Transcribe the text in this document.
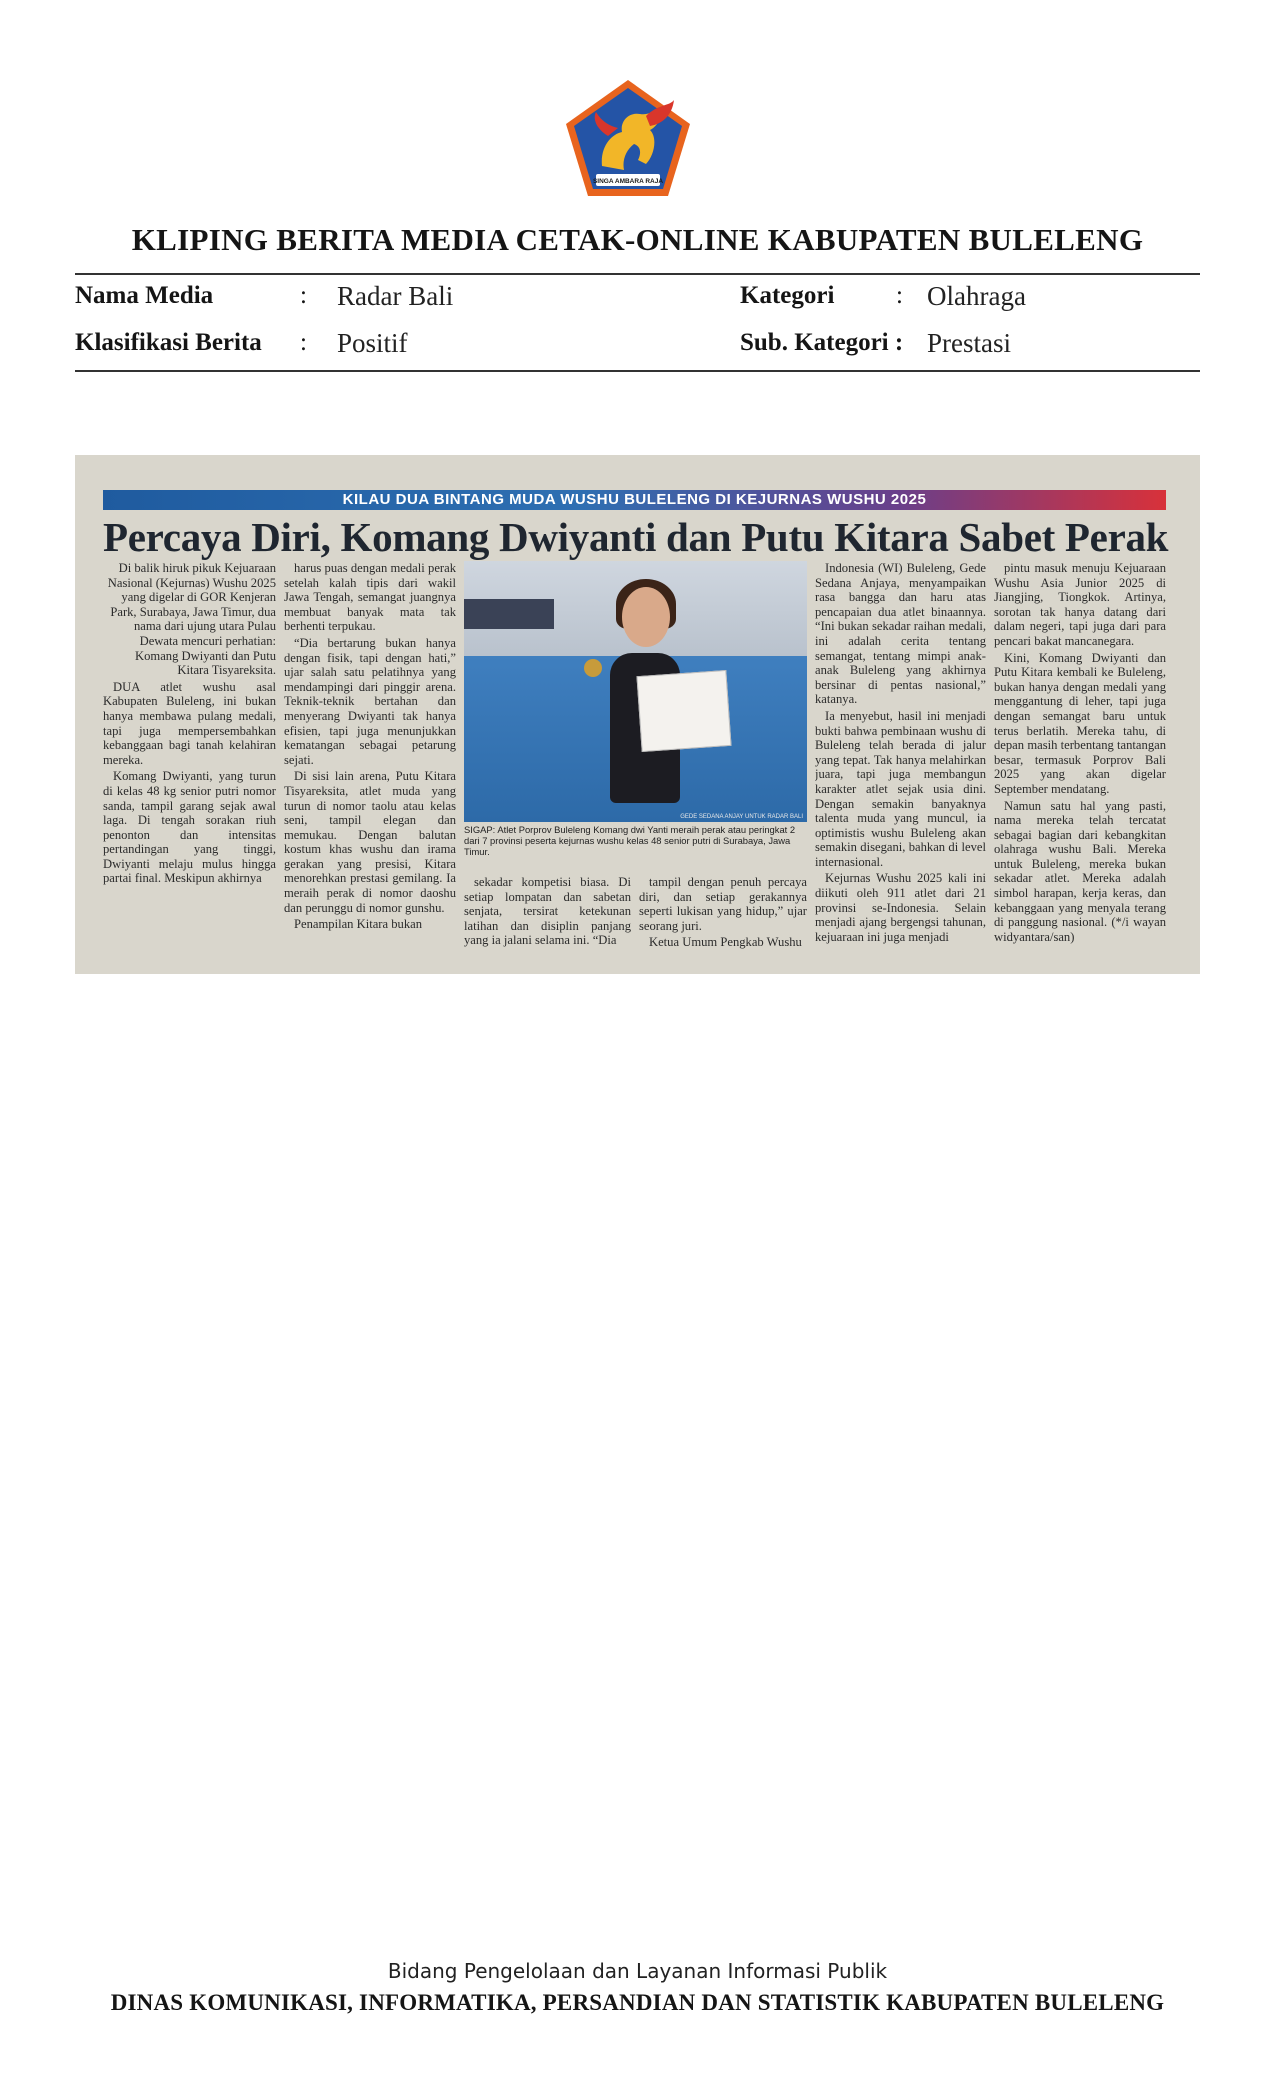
SINGA AMBARA RAJA
KLIPING BERITA MEDIA CETAK-ONLINE KABUPATEN BULELENG
Nama Media	: Radar Bali	Kategori : Olahraga
Klasifikasi Berita : Positif	Sub. Kategori : Prestasi
KILAU DUA BINTANG MUDA WUSHU BULELENG DI KEJURNAS WUSHU 2025
Percaya Diri, Komang Dwiyanti dan Putu Kitara Sabet Perak

Di balik hiruk pikuk Kejuaraan Nasional (Kejurnas) Wushu 2025 yang digelar di GOR Kenjeran Park, Surabaya, Jawa Timur, dua nama dari ujung utara Pulau Dewata mencuri perhatian: Komang Dwiyanti dan Putu Kitara Tisyareksita.

DUA atlet wushu asal Kabupaten Buleleng, ini bukan hanya membawa pulang medali, tapi juga mempersembahkan kebanggaan bagi tanah kelahiran mereka.

Komang Dwiyanti, yang turun di kelas 48 kg senior putri nomor sanda, tampil garang sejak awal laga. Di tengah sorakan riuh penonton dan intensitas pertandingan yang tinggi, Dwiyanti melaju mulus hingga partai final. Meskipun akhirnya

harus puas dengan medali perak setelah kalah tipis dari wakil Jawa Tengah, semangat juangnya membuat banyak mata tak berhenti terpukau.

“Dia bertarung bukan hanya dengan fisik, tapi dengan hati,” ujar salah satu pelatihnya yang mendampingi dari pinggir arena. Teknik-teknik bertahan dan menyerang Dwiyanti tak hanya efisien, tapi juga menunjukkan kematangan sebagai petarung sejati.

Di sisi lain arena, Putu Kitara Tisyareksita, atlet muda yang turun di nomor taolu atau kelas seni, tampil elegan dan memukau. Dengan balutan kostum khas wushu dan irama gerakan yang presisi, Kitara menorehkan prestasi gemilang. Ia meraih perak di nomor daoshu dan perunggu di nomor gunshu.

Penampilan Kitara bukan

GEDE SEDANA ANJAY UNTUK RADAR BALI
SIGAP: Atlet Porprov Buleleng Komang dwi Yanti meraih perak atau peringkat 2 dari 7 provinsi peserta kejurnas wushu kelas 48 senior putri di Surabaya, Jawa Timur.

sekadar kompetisi biasa. Di setiap lompatan dan sabetan senjata, tersirat ketekunan latihan dan disiplin panjang yang ia jalani selama ini. “Dia

tampil dengan penuh percaya diri, dan setiap gerakannya seperti lukisan yang hidup,” ujar seorang juri.

Ketua Umum Pengkab Wushu

Indonesia (WI) Buleleng, Gede Sedana Anjaya, menyampaikan rasa bangga dan haru atas pencapaian dua atlet binaannya. “Ini bukan sekadar raihan medali, ini adalah cerita tentang semangat, tentang mimpi anak-anak Buleleng yang akhirnya bersinar di pentas nasional,” katanya.

Ia menyebut, hasil ini menjadi bukti bahwa pembinaan wushu di Buleleng telah berada di jalur yang tepat. Tak hanya melahirkan juara, tapi juga membangun karakter atlet sejak usia dini. Dengan semakin banyaknya talenta muda yang muncul, ia optimistis wushu Buleleng akan semakin disegani, bahkan di level internasional.

Kejurnas Wushu 2025 kali ini diikuti oleh 911 atlet dari 21 provinsi se-Indonesia. Selain menjadi ajang bergengsi tahunan, kejuaraan ini juga menjadi

pintu masuk menuju Kejuaraan Wushu Asia Junior 2025 di Jiangjing, Tiongkok. Artinya, sorotan tak hanya datang dari dalam negeri, tapi juga dari para pencari bakat mancanegara.

Kini, Komang Dwiyanti dan Putu Kitara kembali ke Buleleng, bukan hanya dengan medali yang menggantung di leher, tapi juga dengan semangat baru untuk terus berlatih. Mereka tahu, di depan masih terbentang tantangan besar, termasuk Porprov Bali 2025 yang akan digelar September mendatang.

Namun satu hal yang pasti, nama mereka telah tercatat sebagai bagian dari kebangkitan olahraga wushu Bali. Mereka untuk Buleleng, mereka bukan sekadar atlet. Mereka adalah simbol harapan, kerja keras, dan kebanggaan yang menyala terang di panggung nasional. (*/i wayan widyantara/san)

Bidang Pengelolaan dan Layanan Informasi Publik
DINAS KOMUNIKASI, INFORMATIKA, PERSANDIAN DAN STATISTIK KABUPATEN BULELENG
